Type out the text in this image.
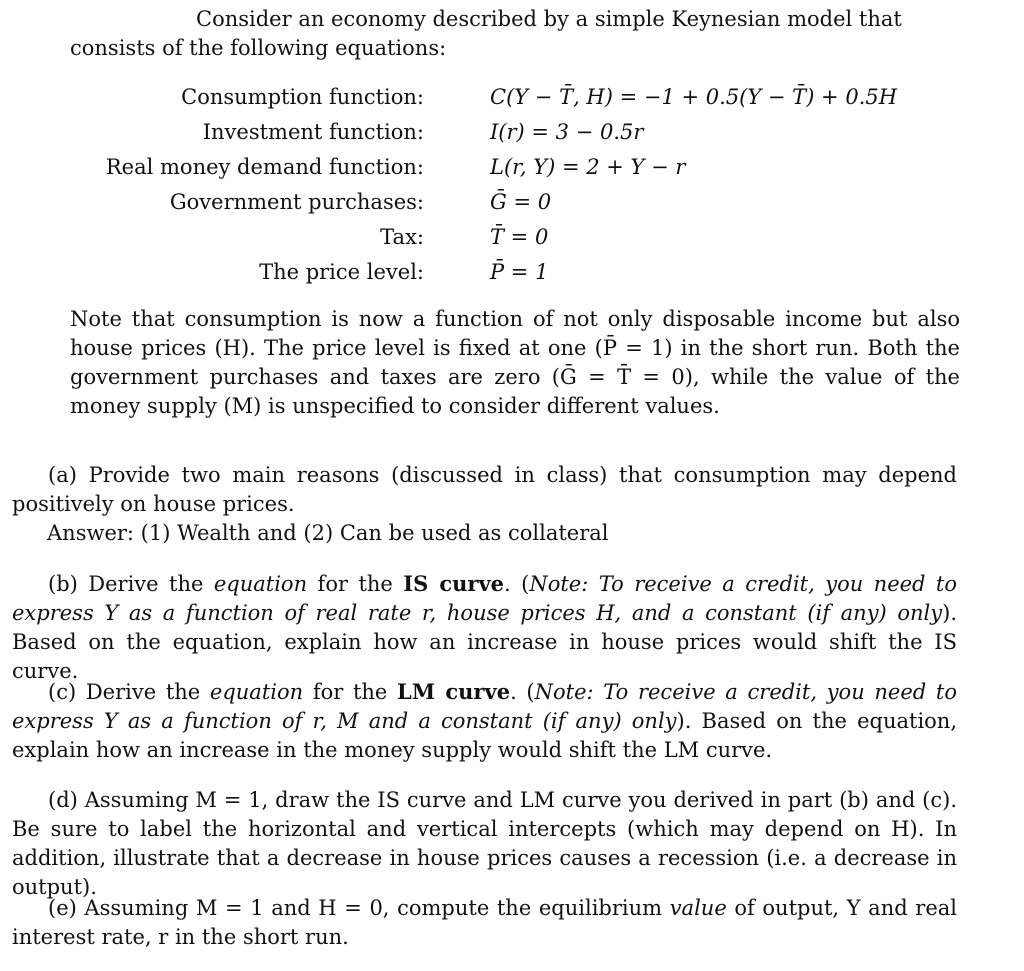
Consider an economy described by a simple Keynesian model that consists of the following equations:

Consumption function:	C(Y − T̄, H) = −1 + 0.5(Y − T̄) + 0.5H
Investment function:	I(r) = 3 − 0.5r
Real money demand function:	L(r, Y) = 2 + Y − r
Government purchases:	Ḡ = 0
Tax:	T̄ = 0
The price level:	P̄ = 1

Note that consumption is now a function of not only disposable income but also house prices (H). The price level is fixed at one (P̄ = 1) in the short run. Both the government purchases and taxes are zero (Ḡ = T̄ = 0), while the value of the money supply (M) is unspecified to consider different values.

(a) Provide two main reasons (discussed in class) that consumption may depend positively on house prices.
Answer: (1) Wealth and (2) Can be used as collateral
(b) Derive the equation for the IS curve. (Note: To receive a credit, you need to express Y as a function of real rate r, house prices H, and a constant (if any) only). Based on the equation, explain how an increase in house prices would shift the IS curve.
(c) Derive the equation for the LM curve. (Note: To receive a credit, you need to express Y as a function of r, M and a constant (if any) only). Based on the equation, explain how an increase in the money supply would shift the LM curve.
(d) Assuming M = 1, draw the IS curve and LM curve you derived in part (b) and (c). Be sure to label the horizontal and vertical intercepts (which may depend on H). In addition, illustrate that a decrease in house prices causes a recession (i.e. a decrease in output).
(e) Assuming M = 1 and H = 0, compute the equilibrium value of output, Y and real interest rate, r in the short run.
